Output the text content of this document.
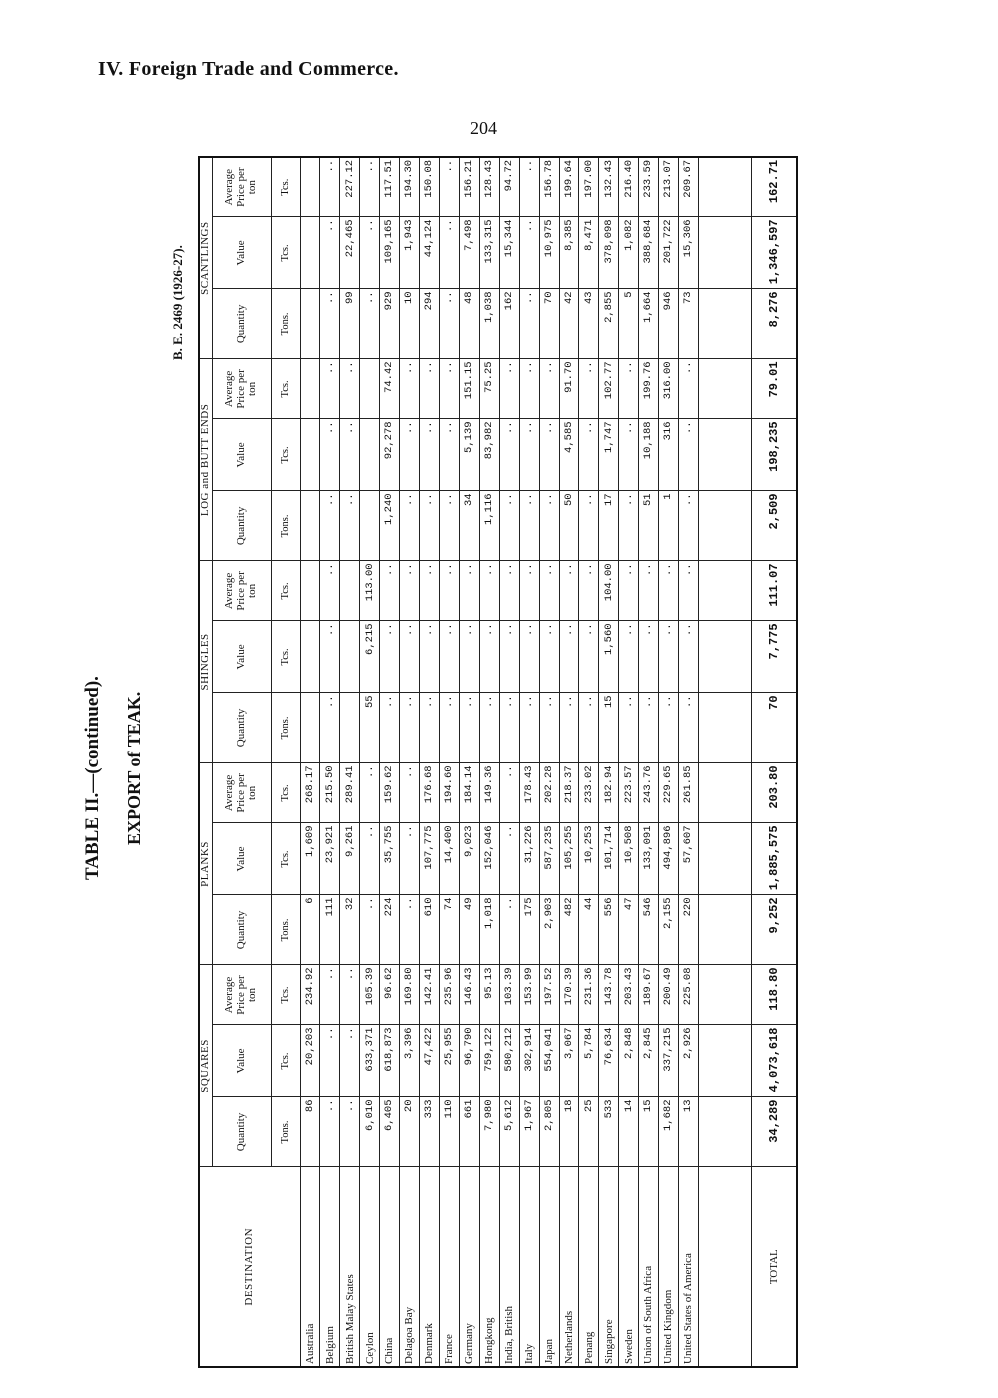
IV. Foreign Trade and Commerce.
204
TABLE II.—(continued). EXPORT of TEAK.
B. E. 2469 (1926-27).
DESTINATION	SQUARES			PLANKS			SHINGLES			LOG and BUTT ENDS			SCANTLINGS		
	Quantity	Value	Average Price per ton	Quantity	Value	Average Price per ton	Quantity	Value	Average Price per ton	Quantity	Value	Average Price per ton	Quantity	Value	Average Price per ton
	Tons.	Tcs.	Tcs.	Tons.	Tcs.	Tcs.	Tons.	Tcs.	Tcs.	Tons.	Tcs.	Tcs.	Tons.	Tcs.	Tcs.
Australia	86	20,203	234.92	6	1,609	268.17									
Belgium	..	..	..	111	23,921	215.50	..	..	..	..	..	..	..	..	..
British Malay States	..	..	..	32	9,261	289.41				..	..	..	99	22,465	227.12
Ceylon	6,010	633,371	105.39	..	..	..	55	6,215	113.00				..	..	..
China	6,405	618,873	96.62	224	35,755	159.62	..	..	..	1,240	92,278	74.42	929	109,165	117.51
Delagoa Bay	20	3,396	169.80	..	..	..	..	..	..	..	..	..	10	1,943	194.30
Denmark	333	47,422	142.41	610	107,775	176.68	..	..	..	..	..	..	294	44,124	150.08
France	110	25,955	235.96	74	14,400	194.60	..	..	..	..	..	..	..	..	..
Germany	661	96,790	146.43	49	9,023	184.14	..	..	..	34	5,139	151.15	48	7,498	156.21
Hongkong	7,980	759,122	95.13	1,018	152,046	149.36	..	..	..	1,116	83,982	75.25	1,038	133,315	128.43
India, British	5,612	580,212	103.39	..	..	..	..	..	..	..	..	..	162	15,344	94.72
Italy	1,967	302,914	153.99	175	31,226	178.43	..	..	..	..	..	..	..	..	..
Japan	2,805	554,041	197.52	2,903	587,235	202.28	..	..	..	..	..	..	70	10,975	156.78
Netherlands	18	3,067	170.39	482	105,255	218.37	..	..	..	50	4,585	91.70	42	8,385	199.64
Penang	25	5,784	231.36	44	10,253	233.02	..	..	..	..	..	..	43	8,471	197.00
Singapore	533	76,634	143.78	556	101,714	182.94	15	1,560	104.00	17	1,747	102.77	2,855	378,098	132.43
Sweden	14	2,848	203.43	47	10,508	223.57	..	..	..	..	..	..	5	1,082	216.40
Union of South Africa	15	2,845	189.67	546	133,091	243.76	..	..	..	51	10,188	199.76	1,664	388,684	233.59
United Kingdom	1,682	337,215	200.49	2,155	494,896	229.65	..	..	..	1	316	316.00	946	201,722	213.07
United States of America	13	2,926	225.08	220	57,607	261.85	..	..	..	..	..	..	73	15,306	209.67

TOTAL	34,289	4,073,618	118.80	9,252	1,885,575	203.80	70	7,775	111.07	2,509	198,235	79.01	8,276	1,346,597	162.71
